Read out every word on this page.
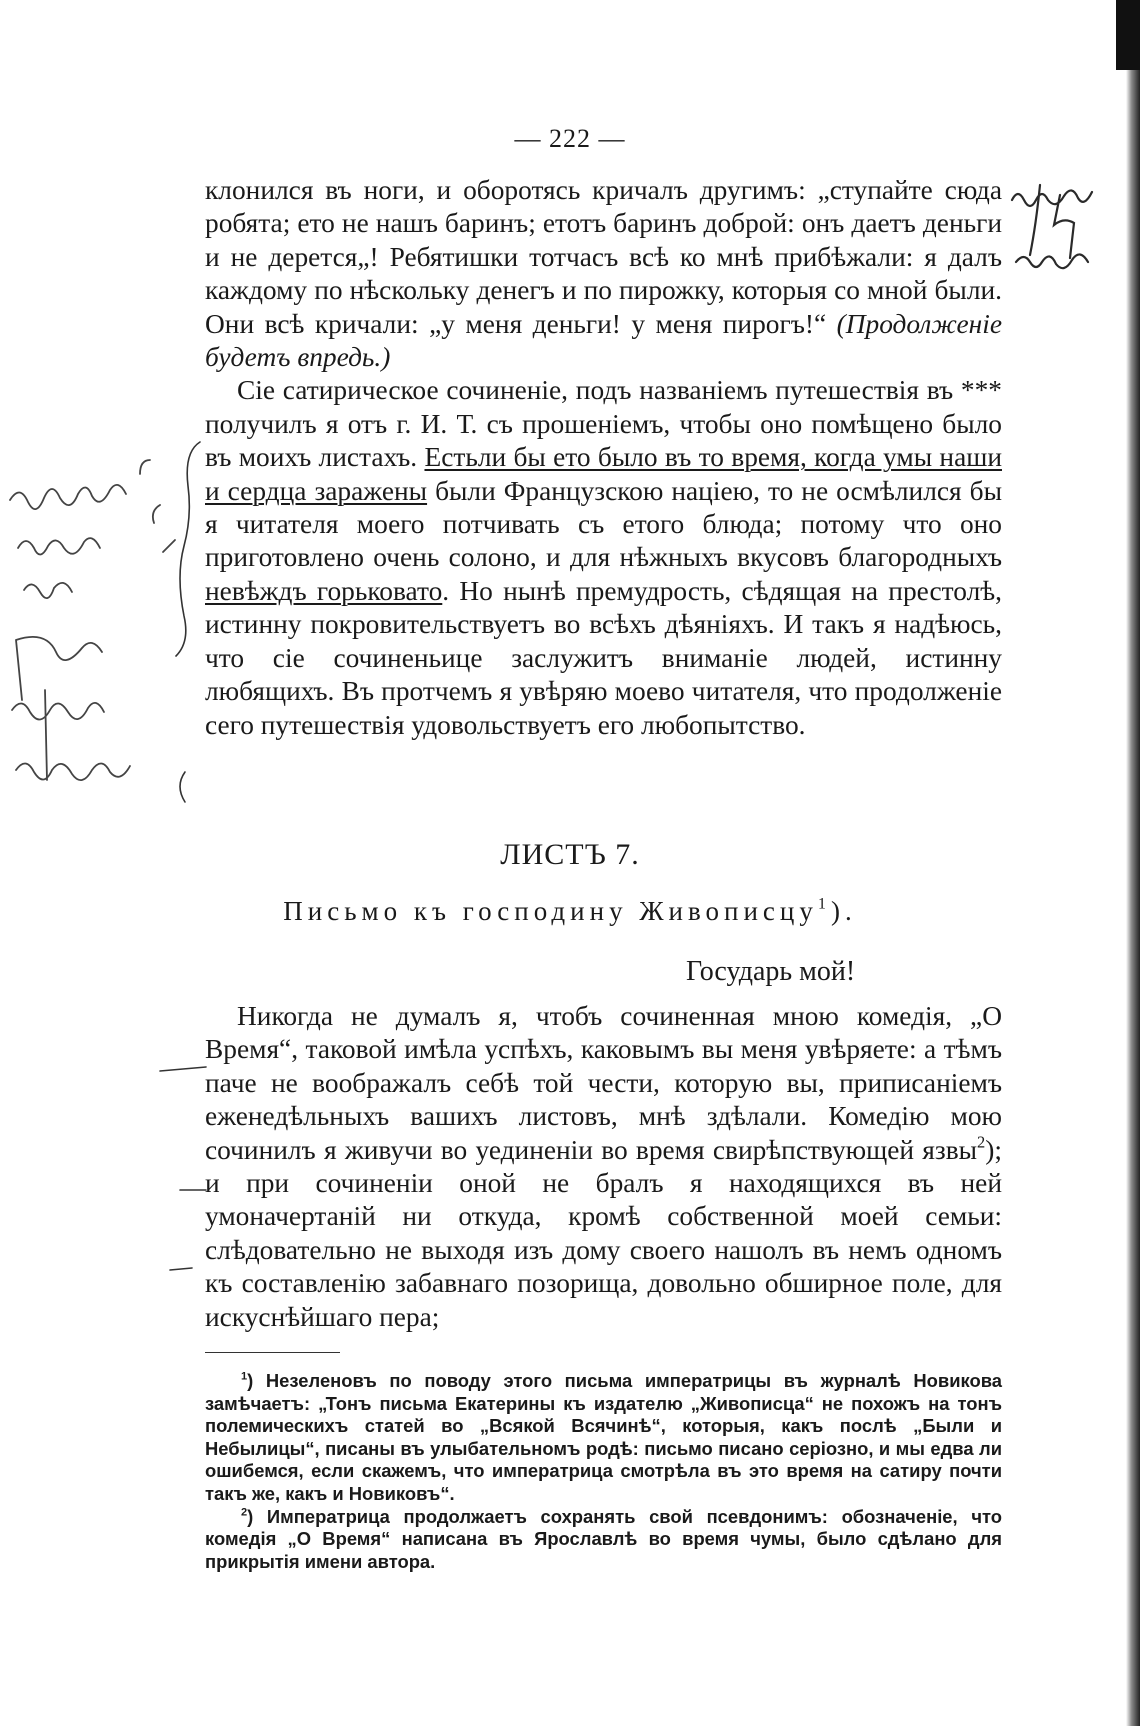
— 222 —

клонился въ ноги, и оборотясь кричалъ другимъ: „ступайте сюда робята; ето не нашъ баринъ; етотъ баринъ доброй: онъ даетъ деньги и не дерется„! Ребятишки тотчасъ всѣ ко мнѣ прибѣжали: я далъ каждому по нѣскольку денегъ и по пирожку, которыя со мной были. Они всѣ кричали: „у меня деньги! у меня пирогъ!“ (Продолженіе будетъ впредь.)

Сіе сатирическое сочиненіе, подъ названіемъ путешествія въ *** получилъ я отъ г. И. Т. съ прошеніемъ, чтобы оно помѣщено было въ моихъ листахъ. Естьли бы ето было въ то время, когда умы наши и сердца заражены были Французскою націею, то не осмѣлился бы я читателя моего потчивать съ етого блюда; потому что оно приготовлено очень солоно, и для нѣжныхъ вкусовъ благородныхъ невѣждъ горьковато. Но нынѣ премудрость, сѣдящая на престолѣ, истинну покровительствуетъ во всѣхъ дѣяніяхъ. И такъ я надѣюсь, что сіе сочиненьице заслужитъ вниманіе людей, истинну любящихъ. Въ протчемъ я увѣряю моево читателя, что продолженіе сего путешествія удовольствуетъ его любопытство.

ЛИСТЪ 7.
Письмо къ господину Живописцу$^1$).
Государь мой!

Никогда не думалъ я, чтобъ сочиненная мною комедія, „О Время“, таковой имѣла успѣхъ, каковымъ вы меня увѣряете: а тѣмъ паче не воображалъ себѣ той чести, которую вы, приписаніемъ еженедѣльныхъ вашихъ листовъ, мнѣ здѣлали. Комедію мою сочинилъ я живучи во уединеніи во время свирѣпствующей язвы$^2$); и при сочиненіи оной не бралъ я находящихся въ ней умоначертаній ни откуда, кромѣ собственной моей семьи: слѣдовательно не выходя изъ дому своего нашолъ въ немъ одномъ къ составленію забавнаго позорища, довольно обширное поле, для искуснѣйшаго пера;

$^1$) Незеленовъ по поводу этого письма императрицы въ журналѣ Новикова замѣчаетъ: „Тонъ письма Екатерины къ издателю „Живописца“ не похожъ на тонъ полемическихъ статей во „Всякой Всячинѣ“, которыя, какъ послѣ „Были и Небылицы“, писаны въ улыбательномъ родѣ: письмо писано серіозно, и мы едва ли ошибемся, если скажемъ, что императрица смотрѣла въ это время на сатиру почти такъ же, какъ и Новиковъ“.

$^2$) Императрица продолжаетъ сохранять свой псевдонимъ: обозначеніе, что комедія „О Время“ написана въ Ярославлѣ во время чумы, было сдѣлано для прикрытія имени автора.
